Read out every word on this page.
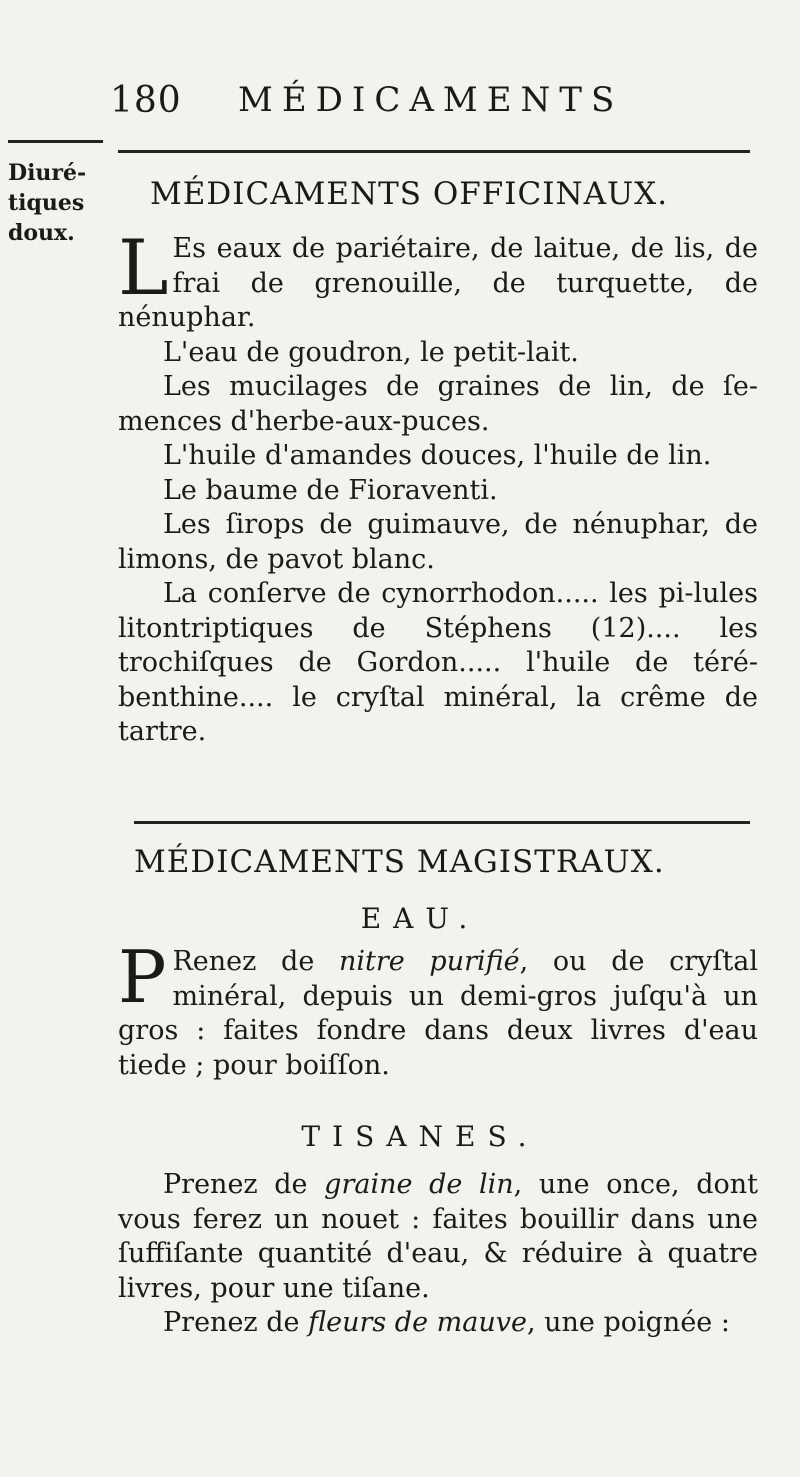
180 MÉDICAMENTS
Diuré-
tiques
doux.
MÉDICAMENTS OFFICINAUX.

L Es eaux de pariétaire, de laitue, de lis, de frai de grenouille, de turquette, de nénuphar.

L'eau de goudron, le petit-lait.

Les mucilages de graines de lin, de ſe-mences d'herbe-aux-puces.

L'huile d'amandes douces, l'huile de lin.

Le baume de Fioraventi.

Les ſirops de guimauve, de nénuphar, de limons, de pavot blanc.

La conſerve de cynorrhodon..... les pi-lules litontriptiques de Stéphens (12).... les trochiſques de Gordon..... l'huile de téré-benthine.... le cryſtal minéral, la crême de tartre.

MÉDICAMENTS MAGISTRAUX.
EAU.

P Renez de nitre purifié, ou de cryſtal minéral, depuis un demi-gros juſqu'à un gros : faites fondre dans deux livres d'eau tiede ; pour boiſſon.

TISANES.

Prenez de graine de lin, une once, dont vous ferez un nouet : faites bouillir dans une ſuffiſante quantité d'eau, & réduire à quatre livres, pour une tiſane.

Prenez de fleurs de mauve, une poignée :
